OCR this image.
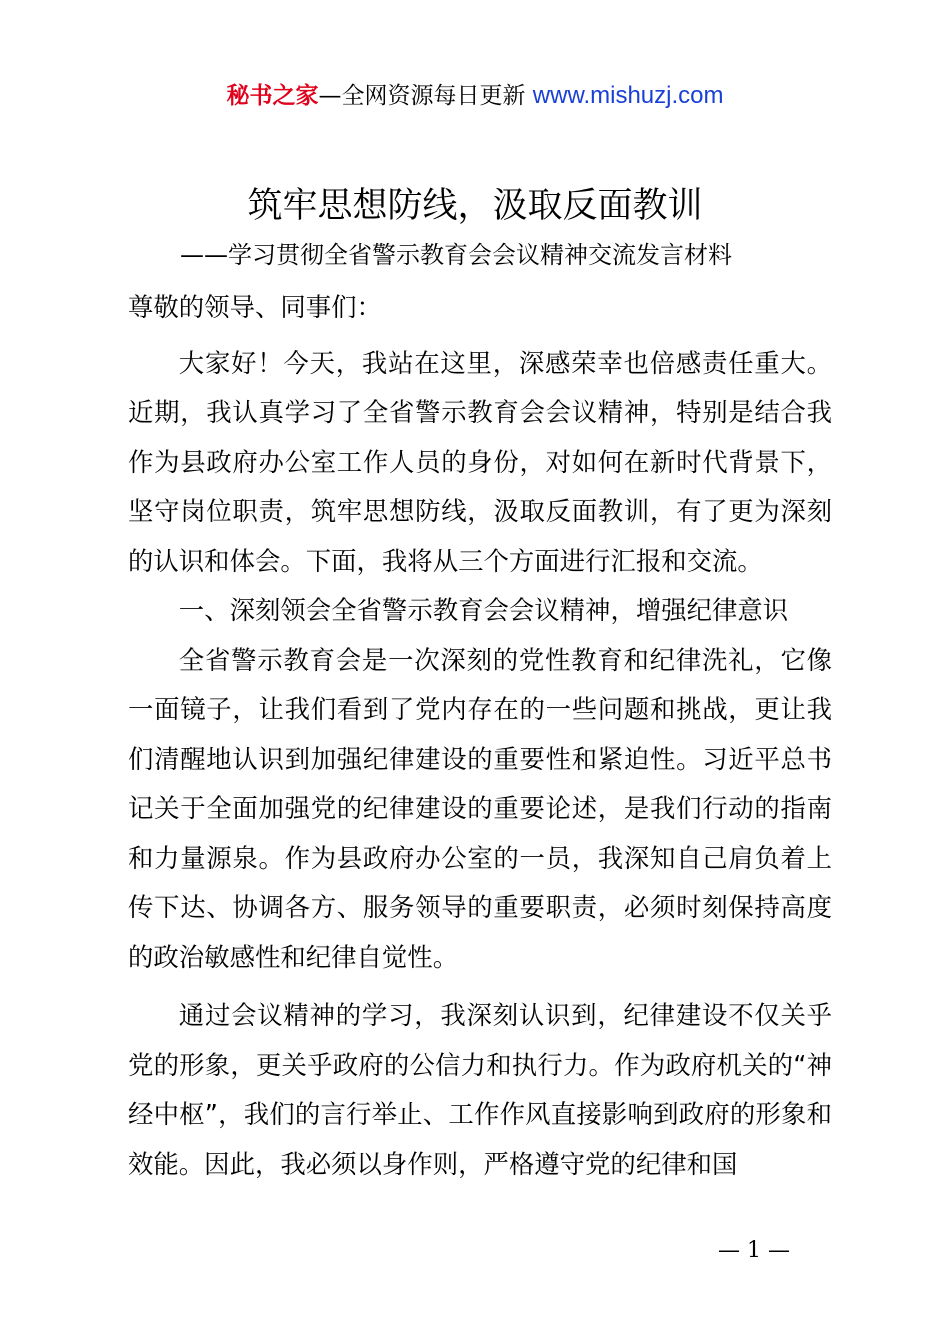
秘书之家—全网资源每日更新 www.mishuzj.com
筑牢思想防线，汲取反面教训
——学习贯彻全省警示教育会会议精神交流发言材料

尊敬的领导、同事们：

大家好！今天，我站在这里，深感荣幸也倍感责任重大。近期，我认真学习了全省警示教育会会议精神，特别是结合我作为县政府办公室工作人员的身份，对如何在新时代背景下，坚守岗位职责，筑牢思想防线，汲取反面教训，有了更为深刻的认识和体会。下面，我将从三个方面进行汇报和交流。

一、深刻领会全省警示教育会会议精神，增强纪律意识

全省警示教育会是一次深刻的党性教育和纪律洗礼，它像一面镜子，让我们看到了党内存在的一些问题和挑战，更让我们清醒地认识到加强纪律建设的重要性和紧迫性。习近平总书记关于全面加强党的纪律建设的重要论述，是我们行动的指南和力量源泉。作为县政府办公室的一员，我深知自己肩负着上传下达、协调各方、服务领导的重要职责，必须时刻保持高度的政治敏感性和纪律自觉性。

通过会议精神的学习，我深刻认识到，纪律建设不仅关乎党的形象，更关乎政府的公信力和执行力。作为政府机关的“神经中枢”，我们的言行举止、工作作风直接影响到政府的形象和效能。因此，我必须以身作则，严格遵守党的纪律和国

— 1 —
